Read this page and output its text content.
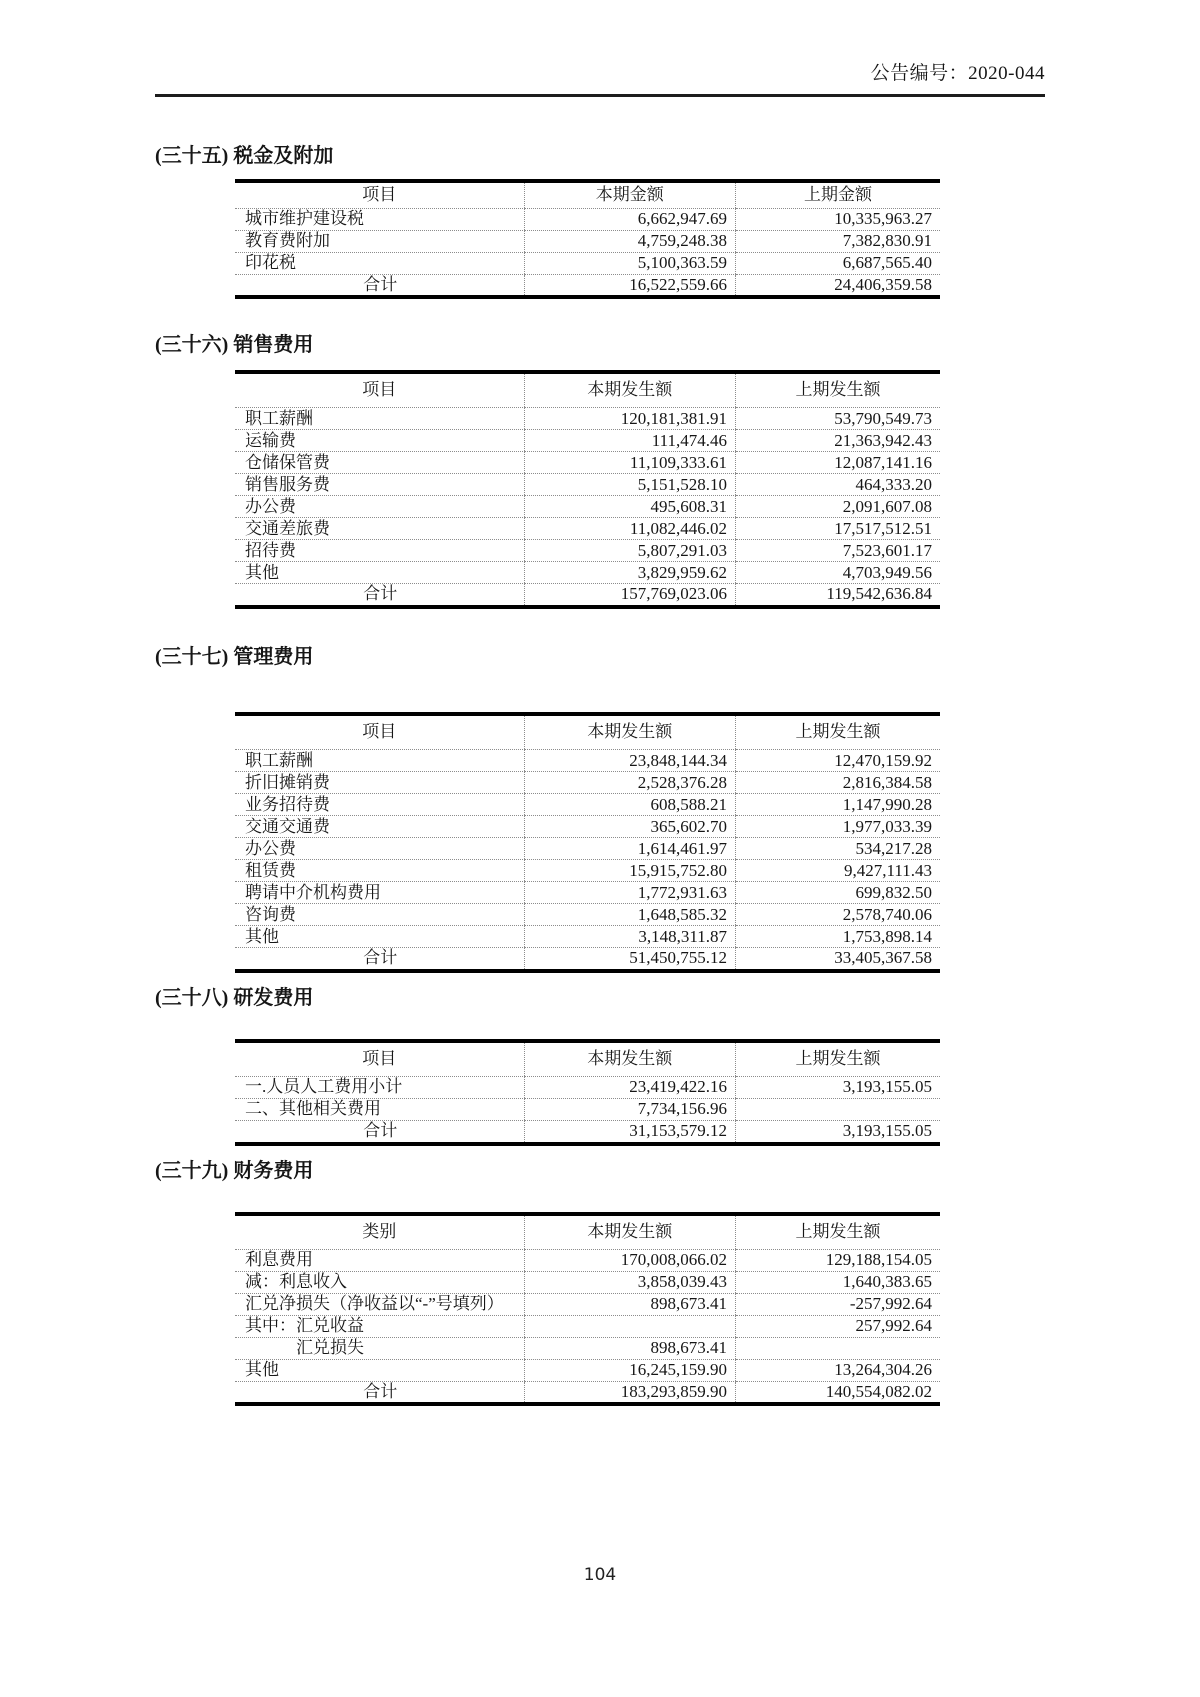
公告编号：2020-044
(三十五) 税金及附加
项目	本期金额	上期金额
城市维护建设税	6,662,947.69	10,335,963.27
教育费附加	4,759,248.38	7,382,830.91
印花税	5,100,363.59	6,687,565.40
合计	16,522,559.66	24,406,359.58
(三十六) 销售费用
项目	本期发生额	上期发生额
职工薪酬	120,181,381.91	53,790,549.73
运输费	111,474.46	21,363,942.43
仓储保管费	11,109,333.61	12,087,141.16
销售服务费	5,151,528.10	464,333.20
办公费	495,608.31	2,091,607.08
交通差旅费	11,082,446.02	17,517,512.51
招待费	5,807,291.03	7,523,601.17
其他	3,829,959.62	4,703,949.56
合计	157,769,023.06	119,542,636.84
(三十七) 管理费用
项目	本期发生额	上期发生额
职工薪酬	23,848,144.34	12,470,159.92
折旧摊销费	2,528,376.28	2,816,384.58
业务招待费	608,588.21	1,147,990.28
交通交通费	365,602.70	1,977,033.39
办公费	1,614,461.97	534,217.28
租赁费	15,915,752.80	9,427,111.43
聘请中介机构费用	1,772,931.63	699,832.50
咨询费	1,648,585.32	2,578,740.06
其他	3,148,311.87	1,753,898.14
合计	51,450,755.12	33,405,367.58
(三十八) 研发费用
项目	本期发生额	上期发生额
一.人员人工费用小计	23,419,422.16	3,193,155.05
二、其他相关费用	7,734,156.96	
合计	31,153,579.12	3,193,155.05
(三十九) 财务费用
类别	本期发生额	上期发生额
利息费用	170,008,066.02	129,188,154.05
减：利息收入	3,858,039.43	1,640,383.65
汇兑净损失（净收益以“-”号填列）	898,673.41	-257,992.64
其中：汇兑收益		257,992.64
　　　汇兑损失	898,673.41	
其他	16,245,159.90	13,264,304.26
合计	183,293,859.90	140,554,082.02
104
